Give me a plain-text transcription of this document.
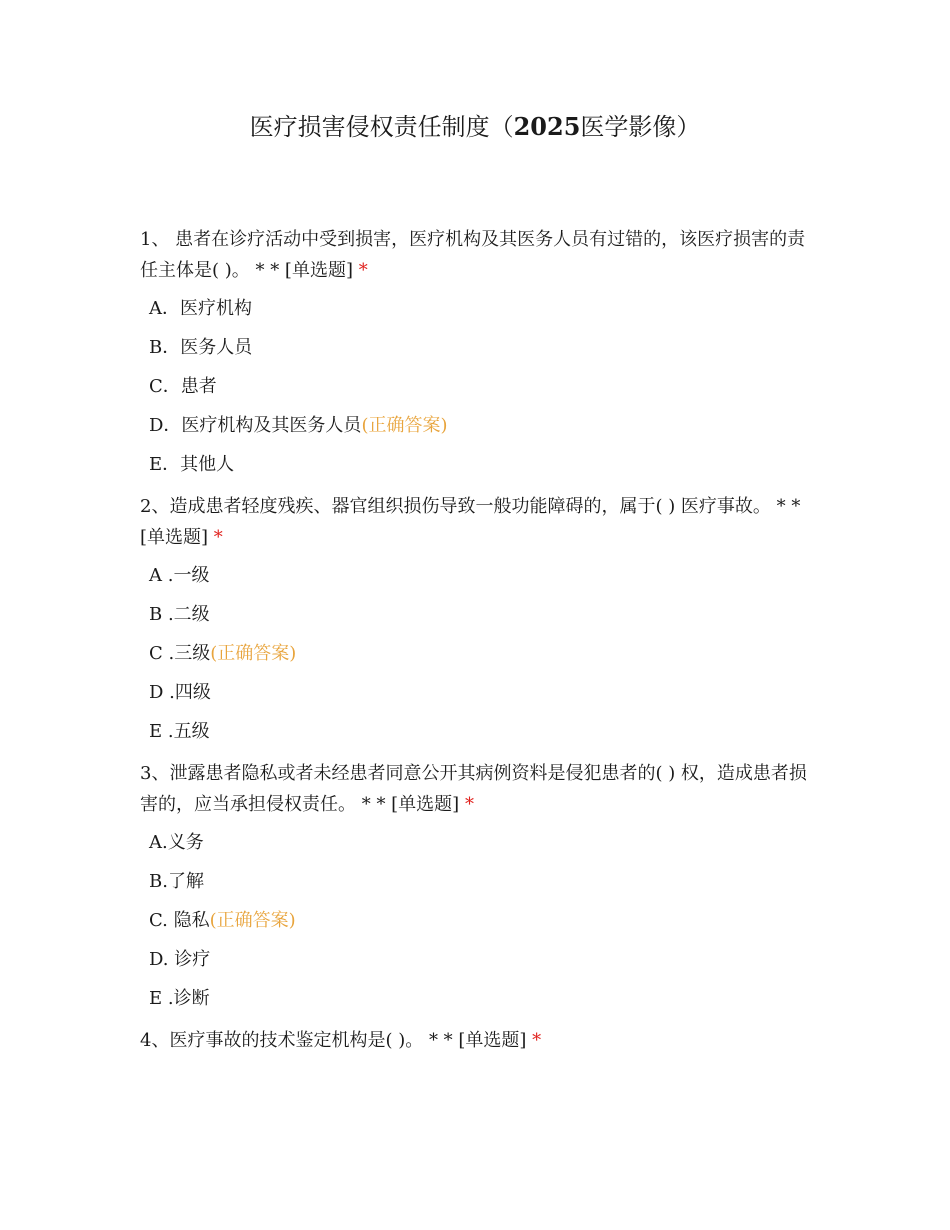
医疗损害侵权责任制度（2025医学影像）
1、 患者在诊疗活动中受到损害，医疗机构及其医务人员有过错的，该医疗损害的责任主体是( )。 * * [单选题] *
A．医疗机构
B．医务人员
C．患者
D．医疗机构及其医务人员(正确答案)
E．其他人
2、造成患者轻度残疾、器官组织损伤导致一般功能障碍的，属于( ) 医疗事故。 * * [单选题] *
A .一级
B .二级
C .三级(正确答案)
D .四级
E .五级
3、泄露患者隐私或者未经患者同意公开其病例资料是侵犯患者的( ) 权，造成患者损害的，应当承担侵权责任。 * * [单选题] *
A.义务
B.了解
C. 隐私(正确答案)
D. 诊疗
E .诊断
4、医疗事故的技术鉴定机构是( )。 * * [单选题] *
